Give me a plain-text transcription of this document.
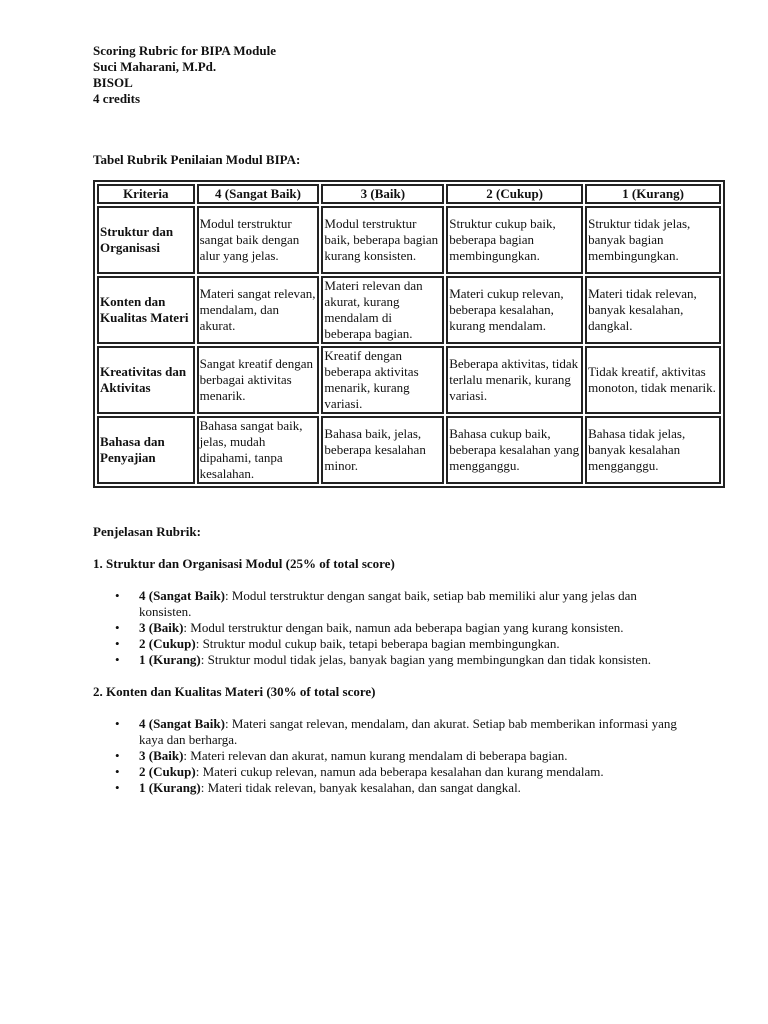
Scoring Rubric for BIPA Module

Suci Maharani, M.Pd.

BISOL

4 credits

Tabel Rubrik Penilaian Modul BIPA:
Kriteria	4 (Sangat Baik)	3 (Baik)	2 (Cukup)	1 (Kurang)
Struktur dan Organisasi	Modul terstruktur sangat baik dengan alur yang jelas.	Modul terstruktur baik, beberapa bagian kurang konsisten.	Struktur cukup baik, beberapa bagian membingungkan.	Struktur tidak jelas, banyak bagian membingungkan.
Konten dan Kualitas Materi	Materi sangat relevan, mendalam, dan akurat.	Materi relevan dan akurat, kurang mendalam di beberapa bagian.	Materi cukup relevan, beberapa kesalahan, kurang mendalam.	Materi tidak relevan, banyak kesalahan, dangkal.
Kreativitas dan Aktivitas	Sangat kreatif dengan berbagai aktivitas menarik.	Kreatif dengan beberapa aktivitas menarik, kurang variasi.	Beberapa aktivitas, tidak terlalu menarik, kurang variasi.	Tidak kreatif, aktivitas monoton, tidak menarik.
Bahasa dan Penyajian	Bahasa sangat baik, jelas, mudah dipahami, tanpa kesalahan.	Bahasa baik, jelas, beberapa kesalahan minor.	Bahasa cukup baik, beberapa kesalahan yang mengganggu.	Bahasa tidak jelas, banyak kesalahan mengganggu.
Penjelasan Rubrik:
1. Struktur dan Organisasi Modul (25% of total score)
• 4 (Sangat Baik): Modul terstruktur dengan sangat baik, setiap bab memiliki alur yang jelas dan konsisten.
• 3 (Baik): Modul terstruktur dengan baik, namun ada beberapa bagian yang kurang konsisten.
• 2 (Cukup): Struktur modul cukup baik, tetapi beberapa bagian membingungkan.
• 1 (Kurang): Struktur modul tidak jelas, banyak bagian yang membingungkan dan tidak konsisten.
2. Konten dan Kualitas Materi (30% of total score)
• 4 (Sangat Baik): Materi sangat relevan, mendalam, dan akurat. Setiap bab memberikan informasi yang kaya dan berharga.
• 3 (Baik): Materi relevan dan akurat, namun kurang mendalam di beberapa bagian.
• 2 (Cukup): Materi cukup relevan, namun ada beberapa kesalahan dan kurang mendalam.
• 1 (Kurang): Materi tidak relevan, banyak kesalahan, dan sangat dangkal.
